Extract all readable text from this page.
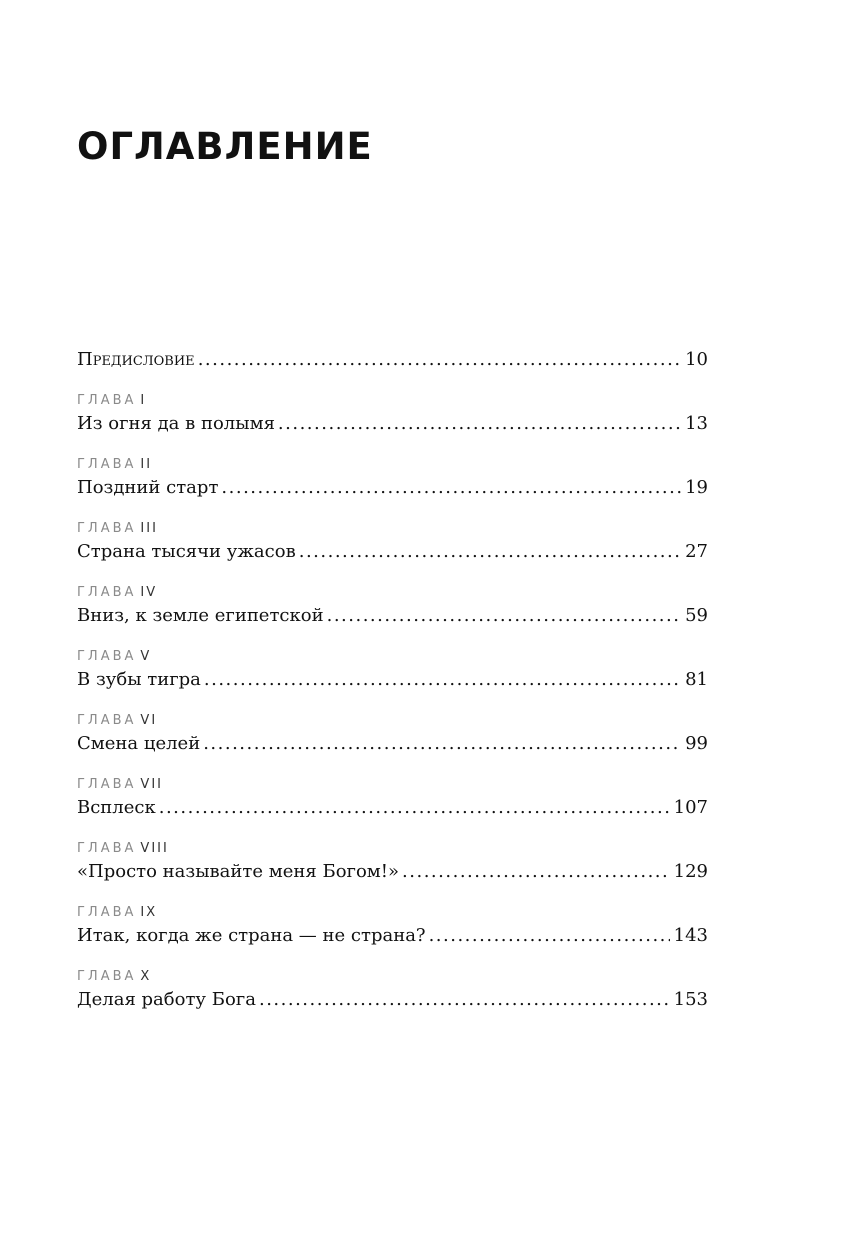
ОГЛАВЛЕНИЕ
Предисловие .....	10
ГЛАВА I
Из огня да в полымя .....	13
ГЛАВА II
Поздний старт .....	19
ГЛАВА III
Страна тысячи ужасов .....	27
ГЛАВА IV
Вниз, к земле египетской .....	59
ГЛАВА V
В зубы тигра .....	81
ГЛАВА VI
Смена целей .....	99
ГЛАВА VII
Всплеск .....	107
ГЛАВА VIII
«Просто называйте меня Богом!» .....	129
ГЛАВА IX
Итак, когда же страна — не страна? .....	143
ГЛАВА X
Делая работу Бога .....	153
